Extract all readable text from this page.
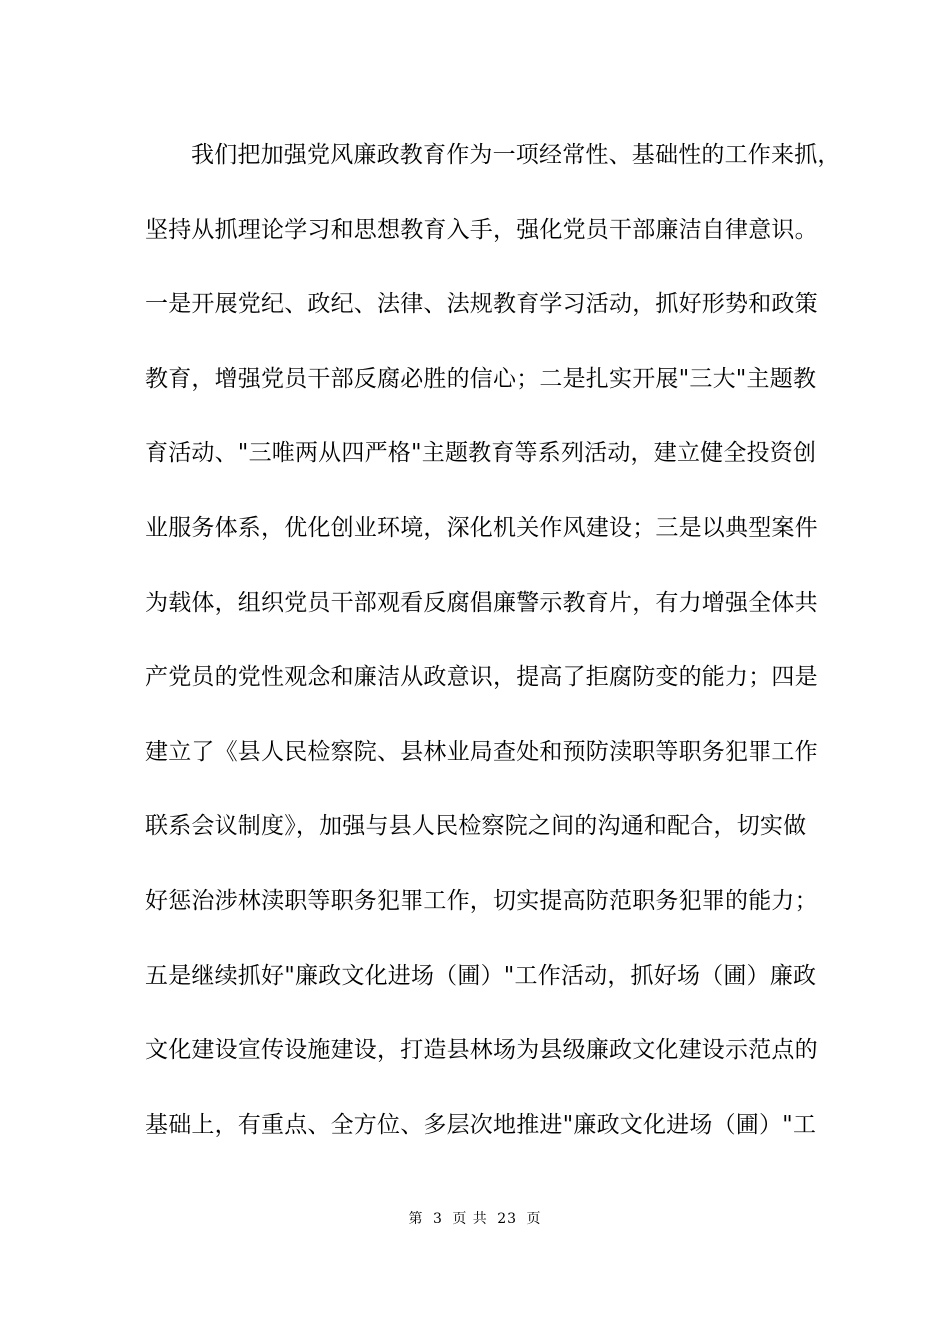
我们把加强党风廉政教育作为一项经常性、基础性的工作来抓，
坚持从抓理论学习和思想教育入手，强化党员干部廉洁自律意识。
一是开展党纪、政纪、法律、法规教育学习活动，抓好形势和政策
教育，增强党员干部反腐必胜的信心；二是扎实开展"三大"主题教
育活动、"三唯两从四严格"主题教育等系列活动，建立健全投资创
业服务体系，优化创业环境，深化机关作风建设；三是以典型案件
为载体，组织党员干部观看反腐倡廉警示教育片，有力增强全体共
产党员的党性观念和廉洁从政意识，提高了拒腐防变的能力；四是
建立了《县人民检察院、县林业局查处和预防渎职等职务犯罪工作
联系会议制度》，加强与县人民检察院之间的沟通和配合，切实做
好惩治涉林渎职等职务犯罪工作，切实提高防范职务犯罪的能力；
五是继续抓好"廉政文化进场（圃）"工作活动，抓好场（圃）廉政
文化建设宣传设施建设，打造县林场为县级廉政文化建设示范点的
基础上，有重点、全方位、多层次地推进"廉政文化进场（圃）"工
第 3 页 共 23 页
